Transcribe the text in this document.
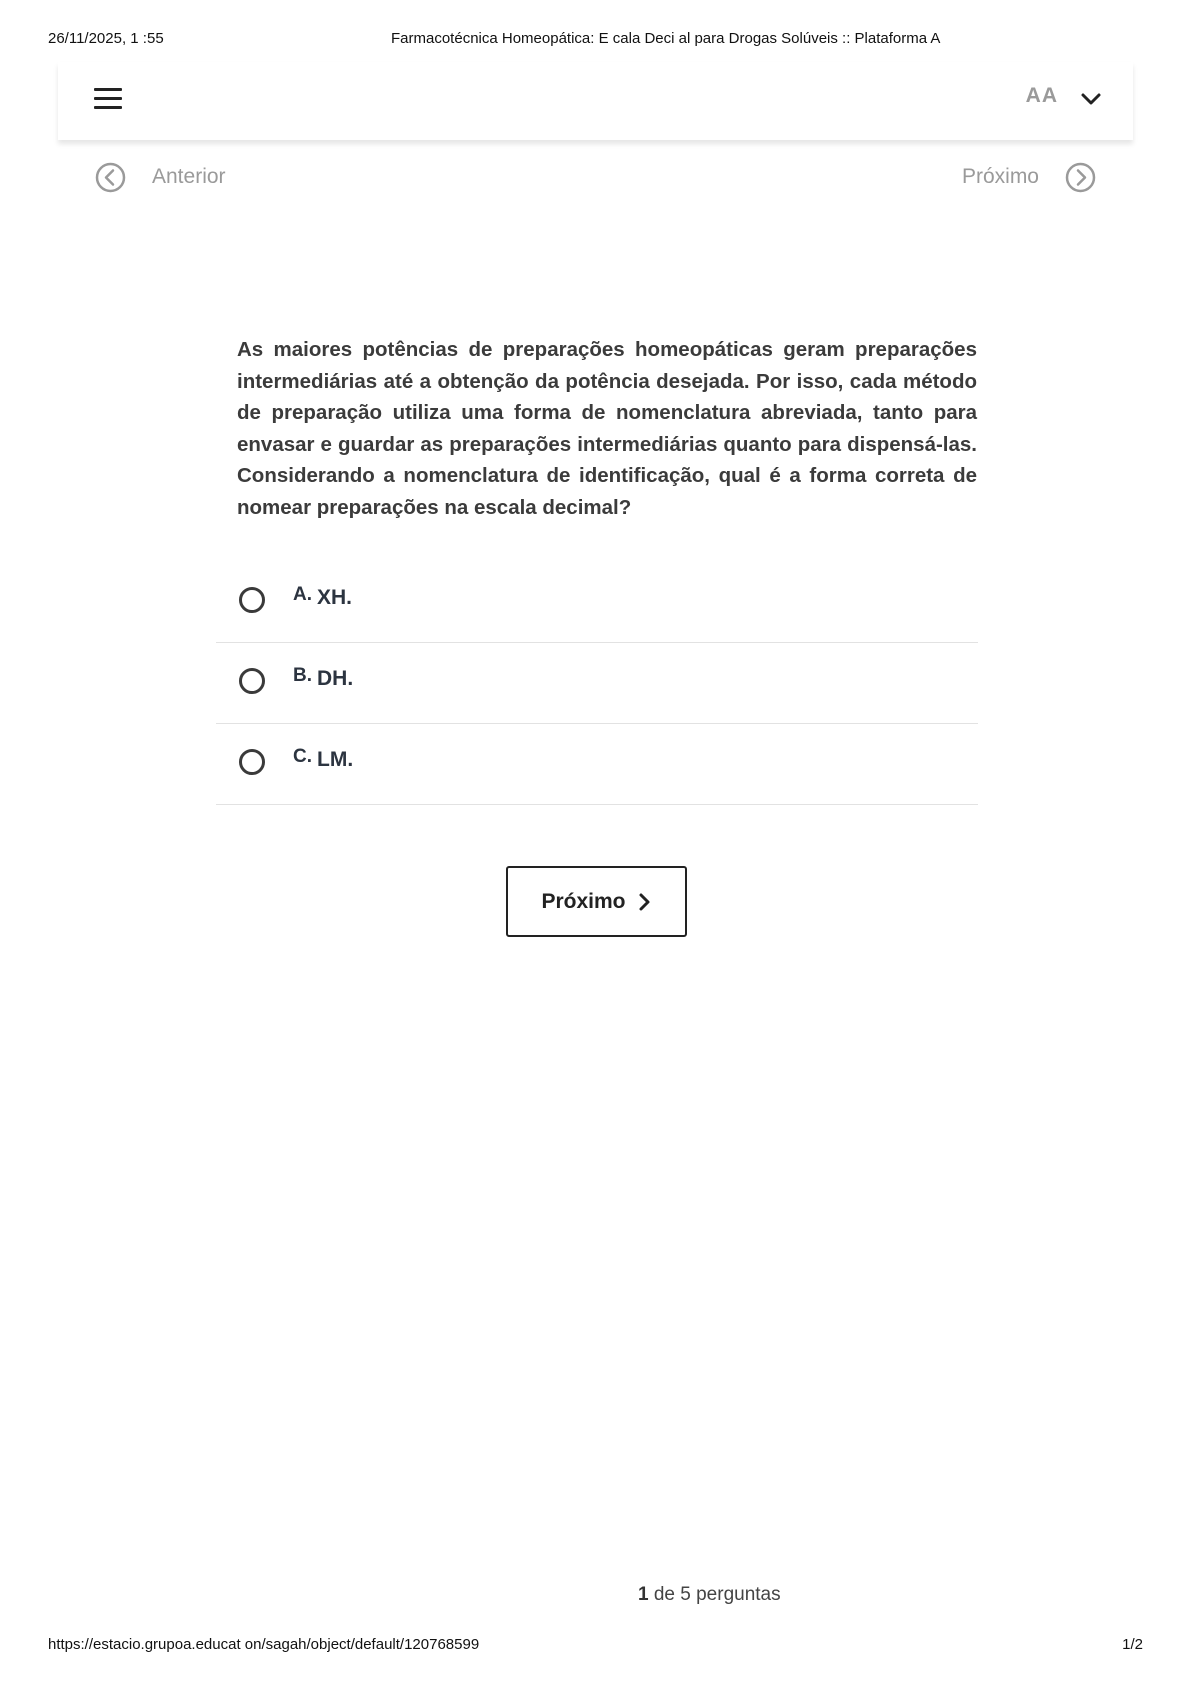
26/11/2025, 1 :55	Farmacotécnica Homeopática: E cala Deci al para Drogas Solúveis :: Plataforma A
AA
Anterior	Próximo
As maiores potências de preparações homeopáticas geram preparações intermediárias até a obtenção da potência desejada. Por isso, cada método de preparação utiliza uma forma de nomenclatura abreviada, tanto para envasar e guardar as preparações intermediárias quanto para dispensá-las. Considerando a nomenclatura de identificação, qual é a forma correta de nomear preparações na escala decimal?
A. XH.
B. DH.
C. LM.
Próximo
1 de 5 perguntas
https://estacio.grupoa.educat on/sagah/object/default/120768599	1/2
